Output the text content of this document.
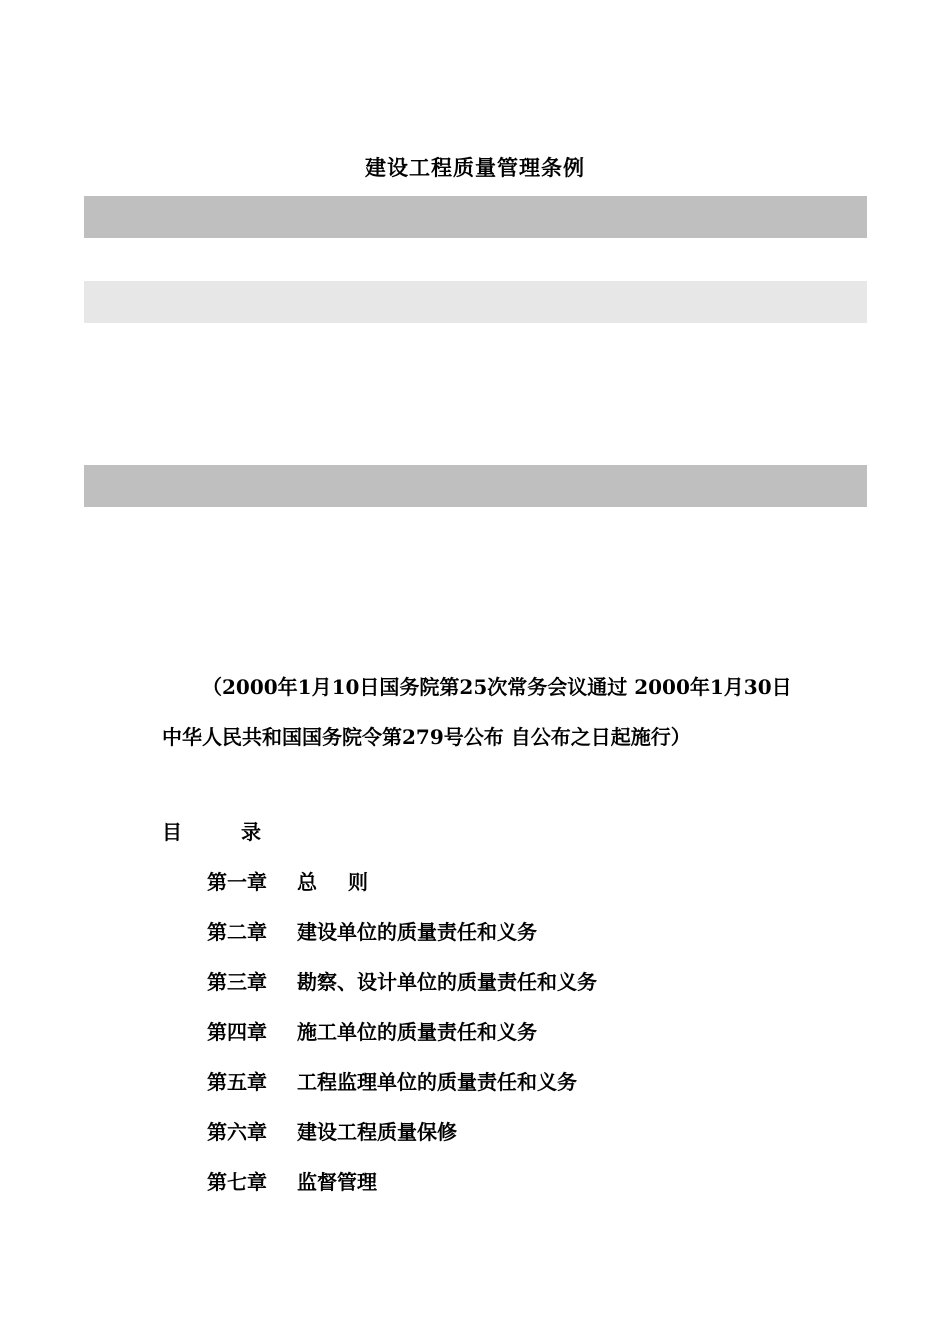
建设工程质量管理条例

（2000年1月10日国务院第25次常务会议通过 2000年1月30日中华人民共和国国务院令第279号公布 自公布之日起施行）

目 录
第一章 总 则
第二章 建设单位的质量责任和义务
第三章 勘察、设计单位的质量责任和义务
第四章 施工单位的质量责任和义务
第五章 工程监理单位的质量责任和义务
第六章 建设工程质量保修
第七章 监督管理
